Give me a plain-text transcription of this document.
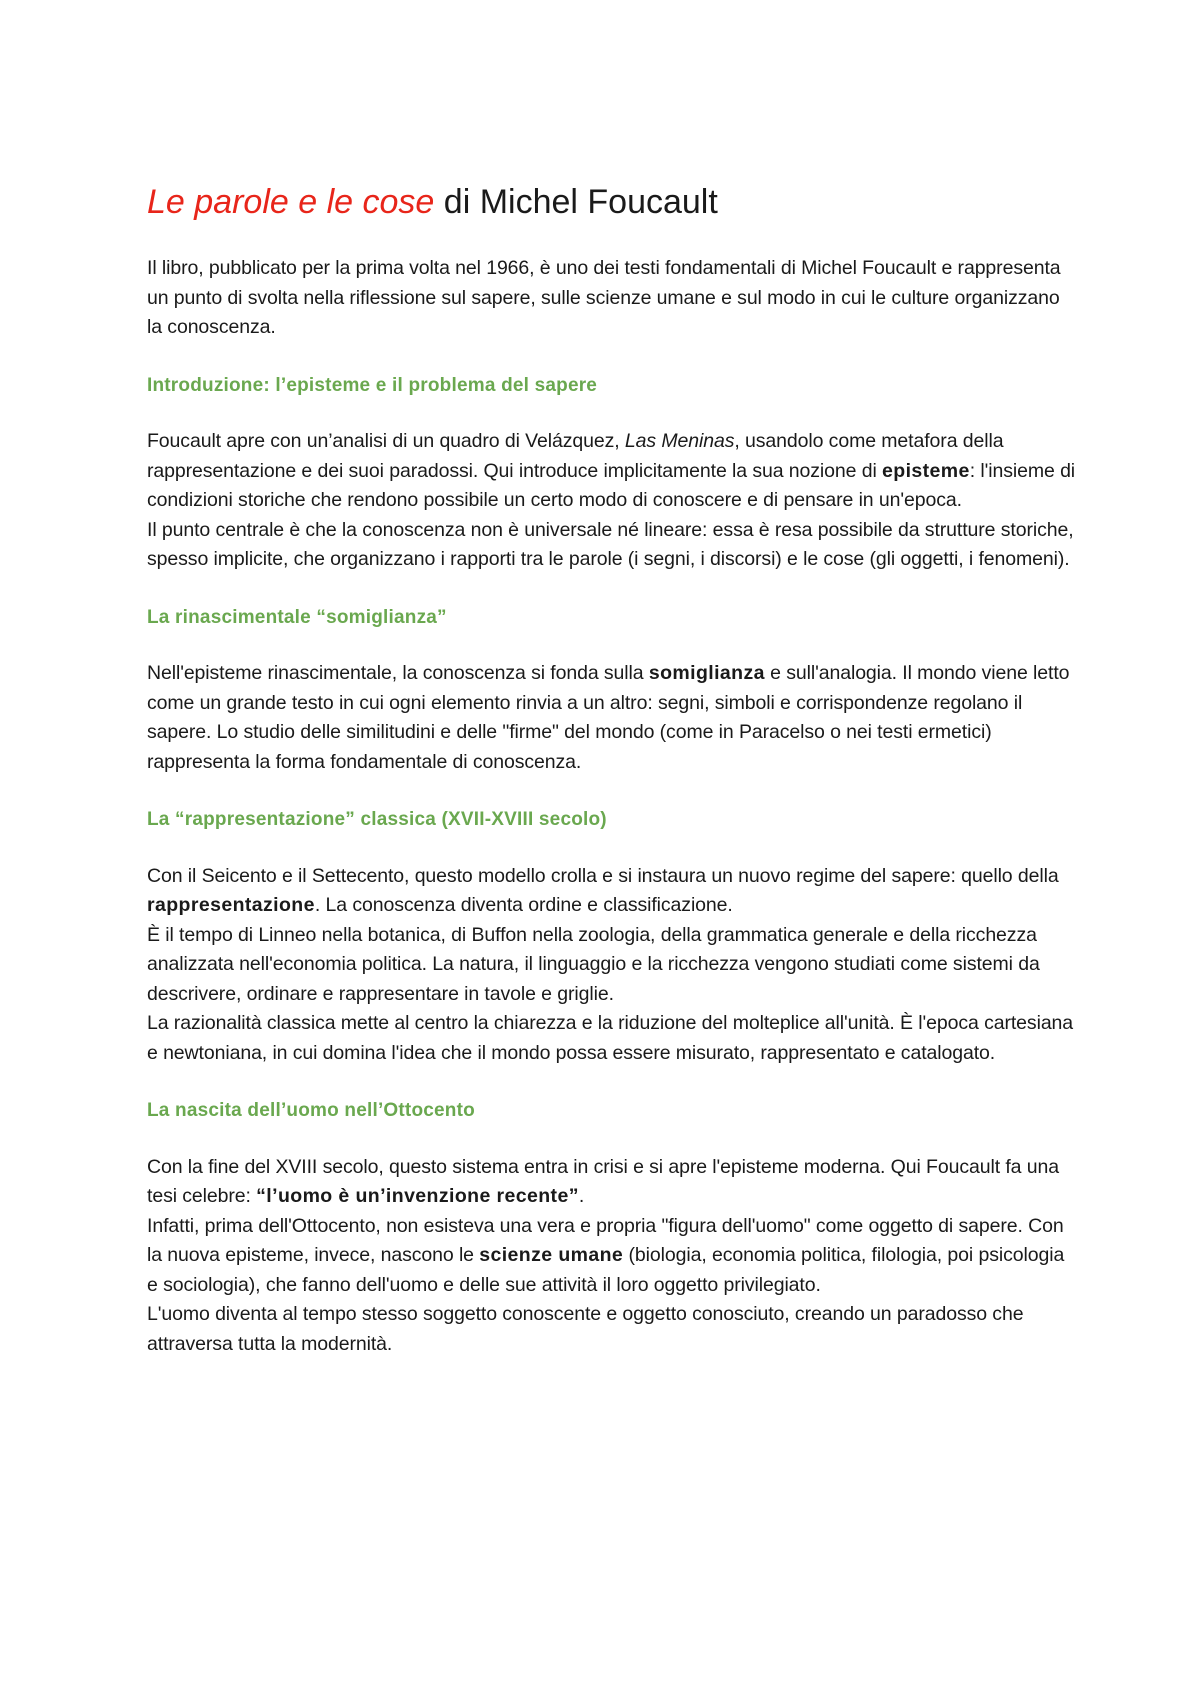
Le parole e le cose di Michel Foucault

Il libro, pubblicato per la prima volta nel 1966, è uno dei testi fondamentali di Michel Foucault e rappresenta un punto di svolta nella riflessione sul sapere, sulle scienze umane e sul modo in cui le culture organizzano la conoscenza.

Introduzione: l’episteme e il problema del sapere

Foucault apre con un’analisi di un quadro di Velázquez, Las Meninas, usandolo come metafora della rappresentazione e dei suoi paradossi. Qui introduce implicitamente la sua nozione di episteme: l'insieme di condizioni storiche che rendono possibile un certo modo di conoscere e di pensare in un'epoca.
Il punto centrale è che la conoscenza non è universale né lineare: essa è resa possibile da strutture storiche, spesso implicite, che organizzano i rapporti tra le parole (i segni, i discorsi) e le cose (gli oggetti, i fenomeni).

La rinascimentale “somiglianza”

Nell'episteme rinascimentale, la conoscenza si fonda sulla somiglianza e sull'analogia. Il mondo viene letto come un grande testo in cui ogni elemento rinvia a un altro: segni, simboli e corrispondenze regolano il sapere. Lo studio delle similitudini e delle "firme" del mondo (come in Paracelso o nei testi ermetici) rappresenta la forma fondamentale di conoscenza.

La “rappresentazione” classica (XVII-XVIII secolo)

Con il Seicento e il Settecento, questo modello crolla e si instaura un nuovo regime del sapere: quello della rappresentazione. La conoscenza diventa ordine e classificazione.
È il tempo di Linneo nella botanica, di Buffon nella zoologia, della grammatica generale e della ricchezza analizzata nell'economia politica. La natura, il linguaggio e la ricchezza vengono studiati come sistemi da descrivere, ordinare e rappresentare in tavole e griglie.
La razionalità classica mette al centro la chiarezza e la riduzione del molteplice all'unità. È l'epoca cartesiana e newtoniana, in cui domina l'idea che il mondo possa essere misurato, rappresentato e catalogato.

La nascita dell’uomo nell’Ottocento

Con la fine del XVIII secolo, questo sistema entra in crisi e si apre l'episteme moderna. Qui Foucault fa una tesi celebre: “l’uomo è un’invenzione recente”.
Infatti, prima dell'Ottocento, non esisteva una vera e propria "figura dell'uomo" come oggetto di sapere. Con la nuova episteme, invece, nascono le scienze umane (biologia, economia politica, filologia, poi psicologia e sociologia), che fanno dell'uomo e delle sue attività il loro oggetto privilegiato.
L'uomo diventa al tempo stesso soggetto conoscente e oggetto conosciuto, creando un paradosso che attraversa tutta la modernità.
